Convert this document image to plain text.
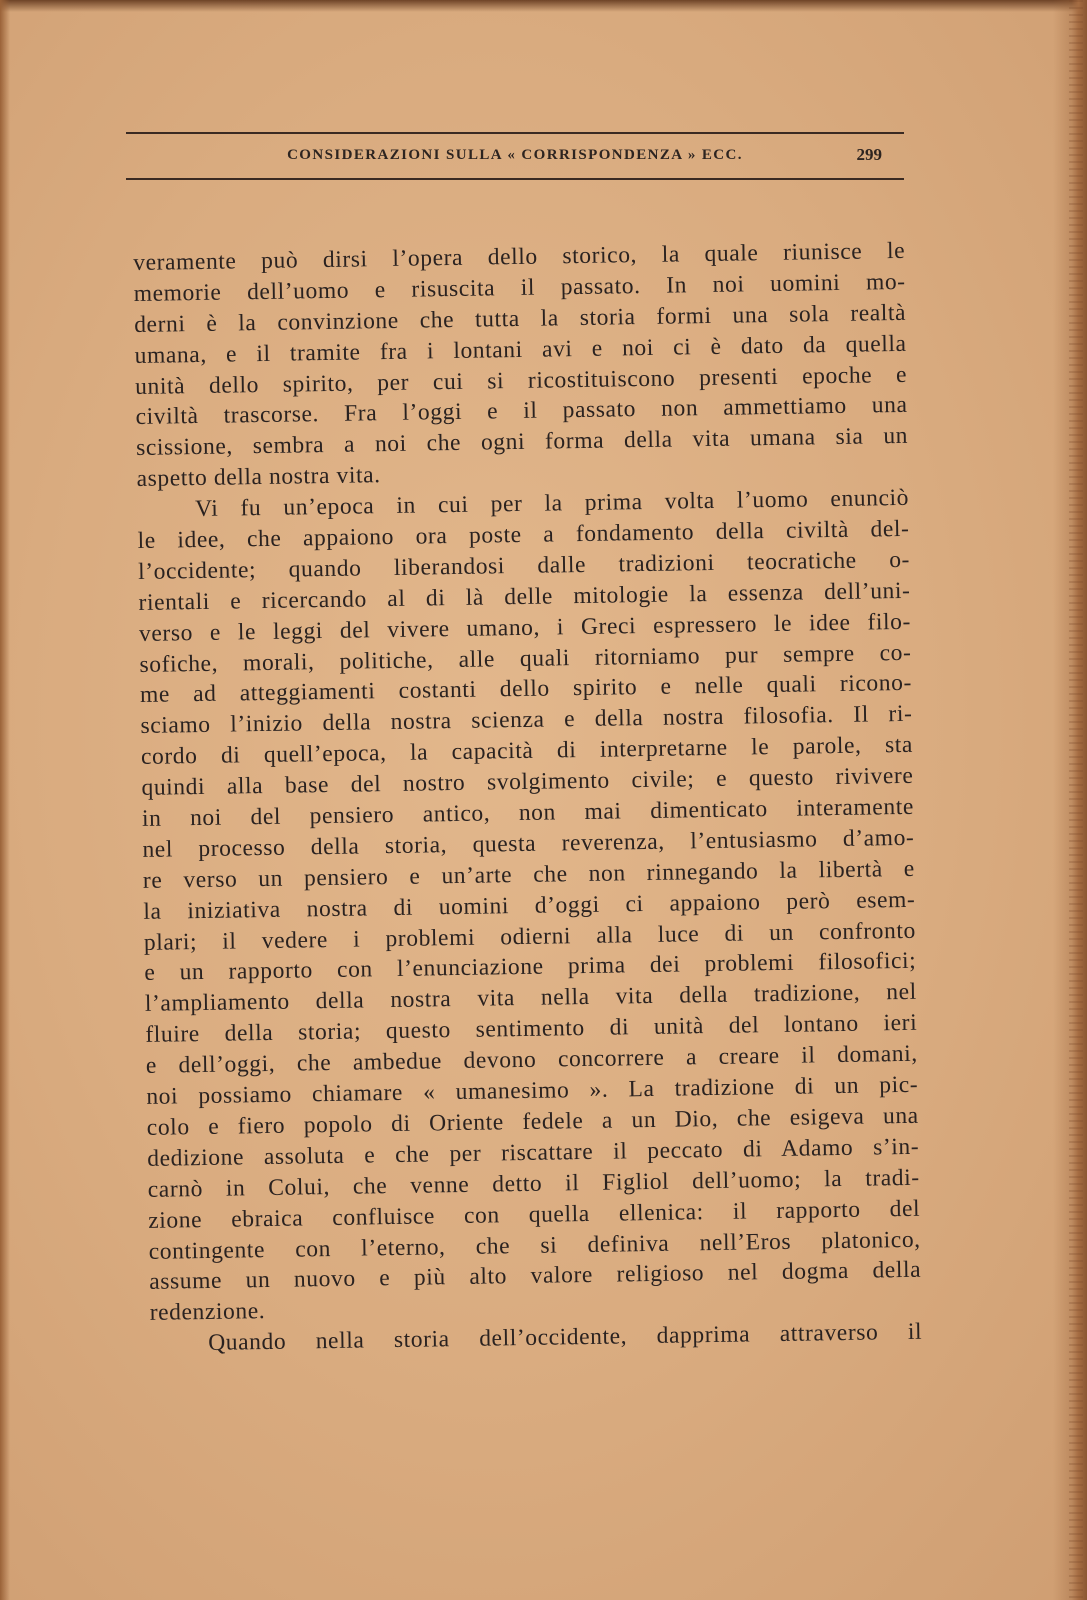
CONSIDERAZIONI SULLA « CORRISPONDENZA » ECC.	299
veramente può dirsi l’opera dello storico, la quale riunisce le
memorie dell’uomo e risuscita il passato. In noi uomini mo-
derni è la convinzione che tutta la storia formi una sola realtà
umana, e il tramite fra i lontani avi e noi ci è dato da quella
unità dello spirito, per cui si ricostituiscono presenti epoche e
civiltà trascorse. Fra l’oggi e il passato non ammettiamo una
scissione, sembra a noi che ogni forma della vita umana sia un
aspetto della nostra vita.
Vi fu un’epoca in cui per la prima volta l’uomo enunciò
le idee, che appaiono ora poste a fondamento della civiltà del-
l’occidente; quando liberandosi dalle tradizioni teocratiche o-
rientali e ricercando al di là delle mitologie la essenza dell’uni-
verso e le leggi del vivere umano, i Greci espressero le idee filo-
sofiche, morali, politiche, alle quali ritorniamo pur sempre co-
me ad atteggiamenti costanti dello spirito e nelle quali ricono-
sciamo l’inizio della nostra scienza e della nostra filosofia. Il ri-
cordo di quell’epoca, la capacità di interpretarne le parole, sta
quindi alla base del nostro svolgimento civile; e questo rivivere
in noi del pensiero antico, non mai dimenticato interamente
nel processo della storia, questa reverenza, l’entusiasmo d’amo-
re verso un pensiero e un’arte che non rinnegando la libertà e
la iniziativa nostra di uomini d’oggi ci appaiono però esem-
plari; il vedere i problemi odierni alla luce di un confronto
e un rapporto con l’enunciazione prima dei problemi filosofici;
l’ampliamento della nostra vita nella vita della tradizione, nel
fluire della storia; questo sentimento di unità del lontano ieri
e dell’oggi, che ambedue devono concorrere a creare il domani,
noi possiamo chiamare « umanesimo ». La tradizione di un pic-
colo e fiero popolo di Oriente fedele a un Dio, che esigeva una
dedizione assoluta e che per riscattare il peccato di Adamo s’in-
carnò in Colui, che venne detto il Figliol dell’uomo; la tradi-
zione ebraica confluisce con quella ellenica: il rapporto del
contingente con l’eterno, che si definiva nell’Eros platonico,
assume un nuovo e più alto valore religioso nel dogma della
redenzione.
Quando nella storia dell’occidente, dapprima attraverso il
